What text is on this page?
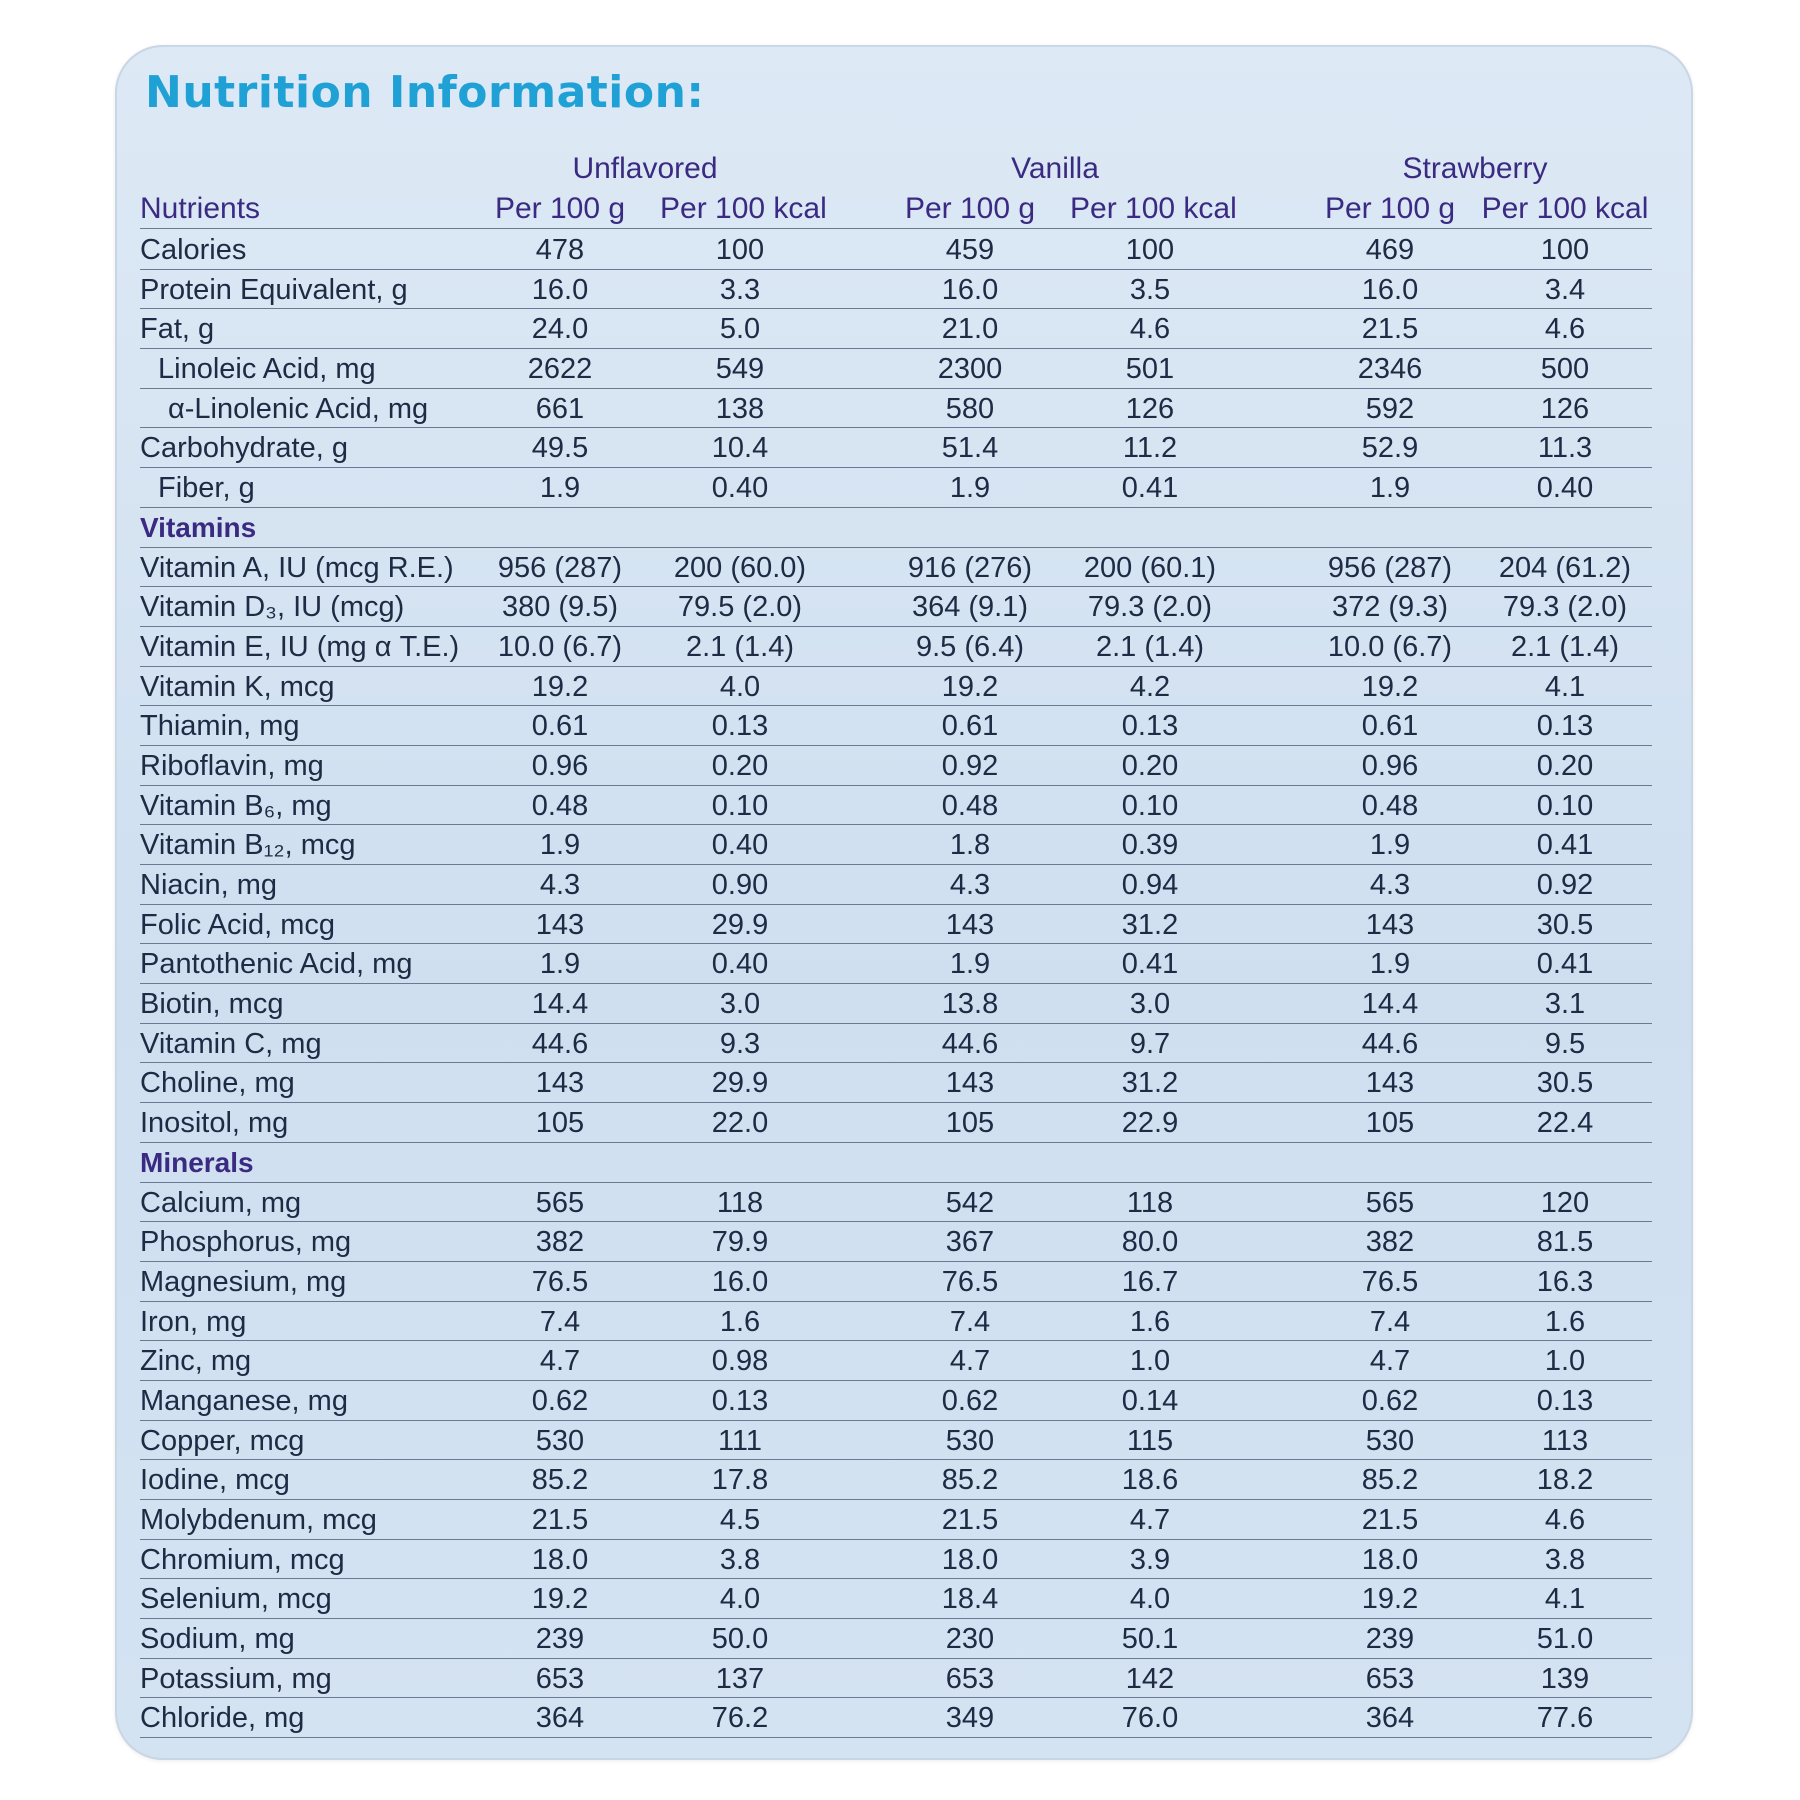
Nutrition Information:
Unflavored	Vanilla	Strawberry
Nutrients	Per 100 g	Per 100 kcal	Per 100 g	Per 100 kcal	Per 100 g Per 100 kcal
Calories	478	100	459	100	469	100
Protein Equivalent, g	16.0	3.3	16.0	3.5	16.0	3.4
Fat, g	24.0	5.0	21.0	4.6	21.5	4.6
Linoleic Acid, mg	2622	549	2300	501	2346	500
α-Linolenic Acid, mg	661	138	580	126	592	126
Carbohydrate, g	49.5	10.4	51.4	11.2	52.9	11.3
Fiber, g	1.9	0.40	1.9	0.41	1.9	0.40
Vitamins
Vitamin A, IU (mcg R.E.)	956 (287)	200 (60.0)	916 (276)	200 (60.1)	956 (287)	204 (61.2)
Vitamin D₃, IU (mcg)	380 (9.5)	79.5 (2.0)	364 (9.1)	79.3 (2.0)	372 (9.3)	79.3 (2.0)
Vitamin E, IU (mg α T.E.)	10.0 (6.7)	2.1 (1.4)	9.5 (6.4)	2.1 (1.4)	10.0 (6.7)	2.1 (1.4)
Vitamin K, mcg	19.2	4.0	19.2	4.2	19.2	4.1
Thiamin, mg	0.61	0.13	0.61	0.13	0.61	0.13
Riboflavin, mg	0.96	0.20	0.92	0.20	0.96	0.20
Vitamin B₆, mg	0.48	0.10	0.48	0.10	0.48	0.10
Vitamin B₁₂, mcg	1.9	0.40	1.8	0.39	1.9	0.41
Niacin, mg	4.3	0.90	4.3	0.94	4.3	0.92
Folic Acid, mcg	143	29.9	143	31.2	143	30.5
Pantothenic Acid, mg	1.9	0.40	1.9	0.41	1.9	0.41
Biotin, mcg	14.4	3.0	13.8	3.0	14.4	3.1
Vitamin C, mg	44.6	9.3	44.6	9.7	44.6	9.5
Choline, mg	143	29.9	143	31.2	143	30.5
Inositol, mg	105	22.0	105	22.9	105	22.4
Minerals
Calcium, mg	565	118	542	118	565	120
Phosphorus, mg	382	79.9	367	80.0	382	81.5
Magnesium, mg	76.5	16.0	76.5	16.7	76.5	16.3
Iron, mg	7.4	1.6	7.4	1.6	7.4	1.6
Zinc, mg	4.7	0.98	4.7	1.0	4.7	1.0
Manganese, mg	0.62	0.13	0.62	0.14	0.62	0.13
Copper, mcg	530	111	530	115	530	113
Iodine, mcg	85.2	17.8	85.2	18.6	85.2	18.2
Molybdenum, mcg	21.5	4.5	21.5	4.7	21.5	4.6
Chromium, mcg	18.0	3.8	18.0	3.9	18.0	3.8
Selenium, mcg	19.2	4.0	18.4	4.0	19.2	4.1
Sodium, mg	239	50.0	230	50.1	239	51.0
Potassium, mg	653	137	653	142	653	139
Chloride, mg	364	76.2	349	76.0	364	77.6
